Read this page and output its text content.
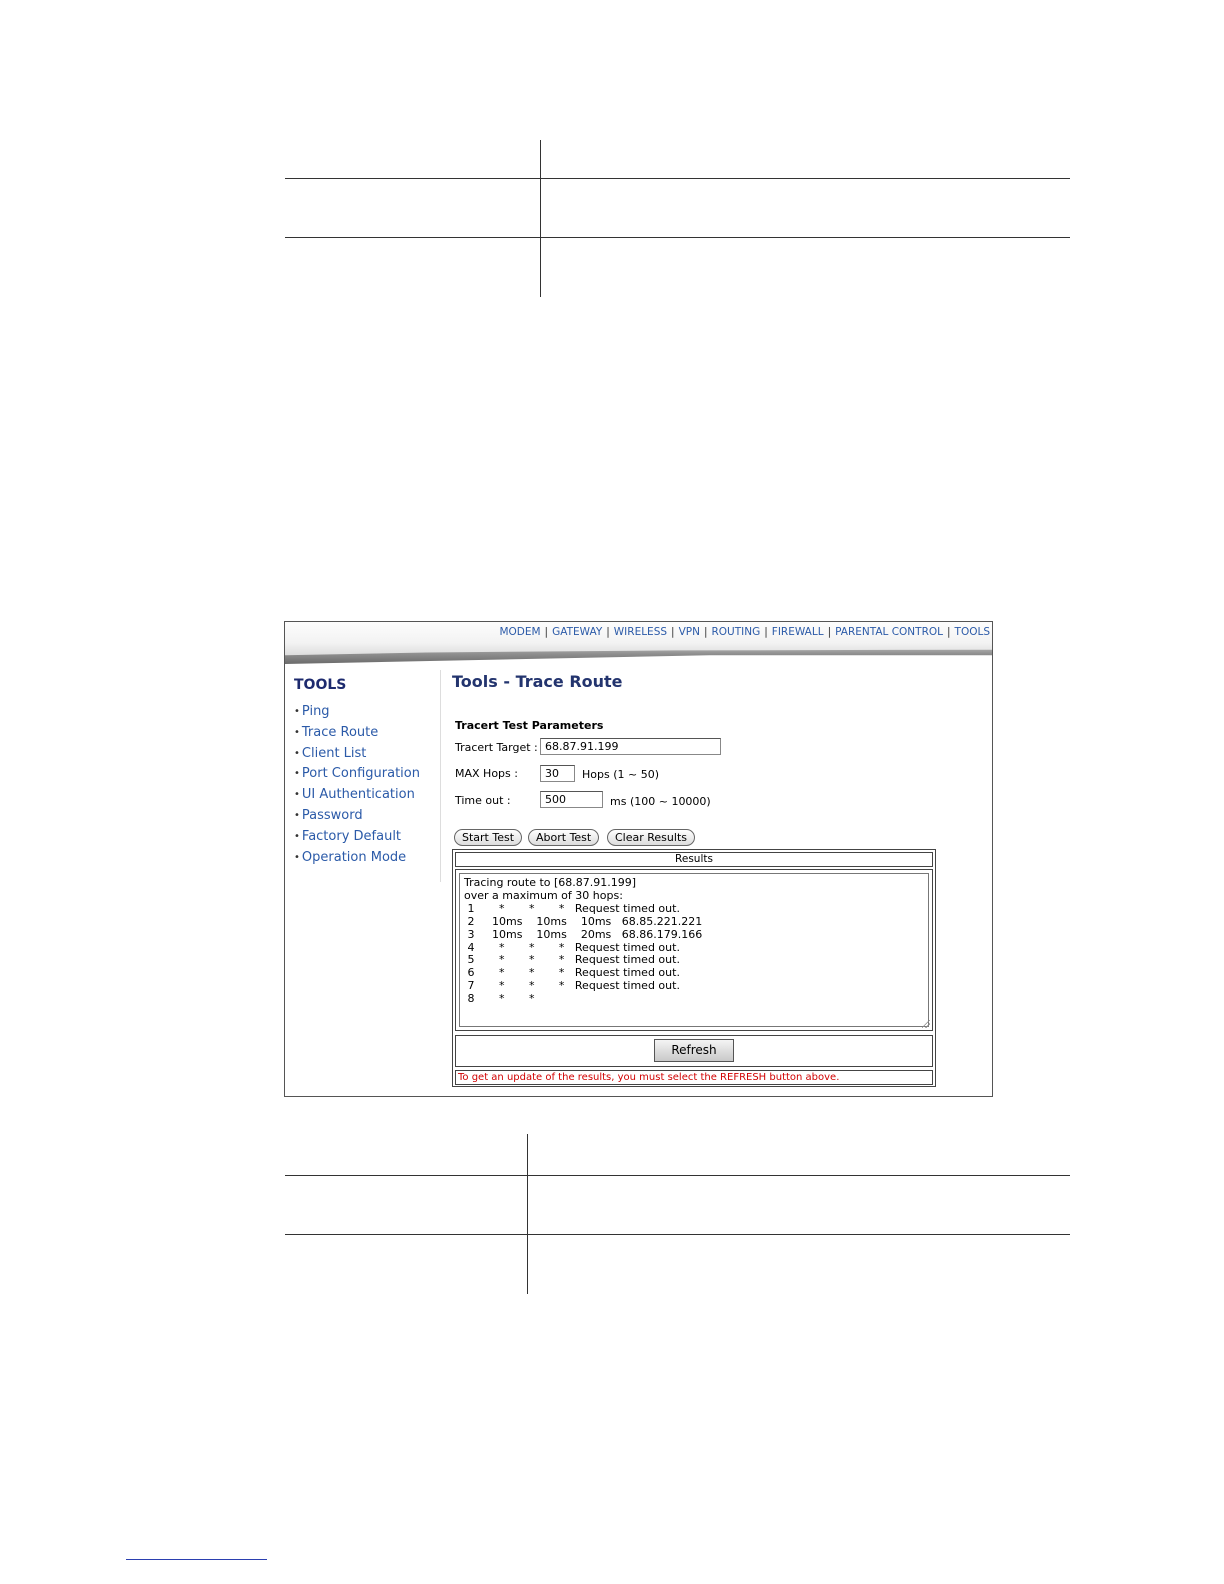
MODEM | GATEWAY | WIRELESS | VPN | ROUTING | FIREWALL | PARENTAL CONTROL | TOOLS
TOOLS
• Ping
• Trace Route
• Client List
• Port Configuration
• UI Authentication
• Password
• Factory Default
• Operation Mode
Tools - Trace Route
Tracert Test Parameters
Tracert Target : 68.87.91.199
MAX Hops :	30	Hops (1 ~ 50)
Time out :	500	ms (100 ~ 10000)
Start Test	Abort Test	Clear Results
Results
Tracing route to [68.87.91.199]
over a maximum of 30 hops:
1       *       *       *   Request timed out.
2     10ms    10ms    10ms   68.85.221.221
3     10ms    10ms    20ms   68.86.179.166
4       *       *       *   Request timed out.
5       *       *       *   Request timed out.
6       *       *       *   Request timed out.
7       *       *       *   Request timed out.
8       *       *
Refresh
To get an update of the results, you must select the REFRESH button above.
